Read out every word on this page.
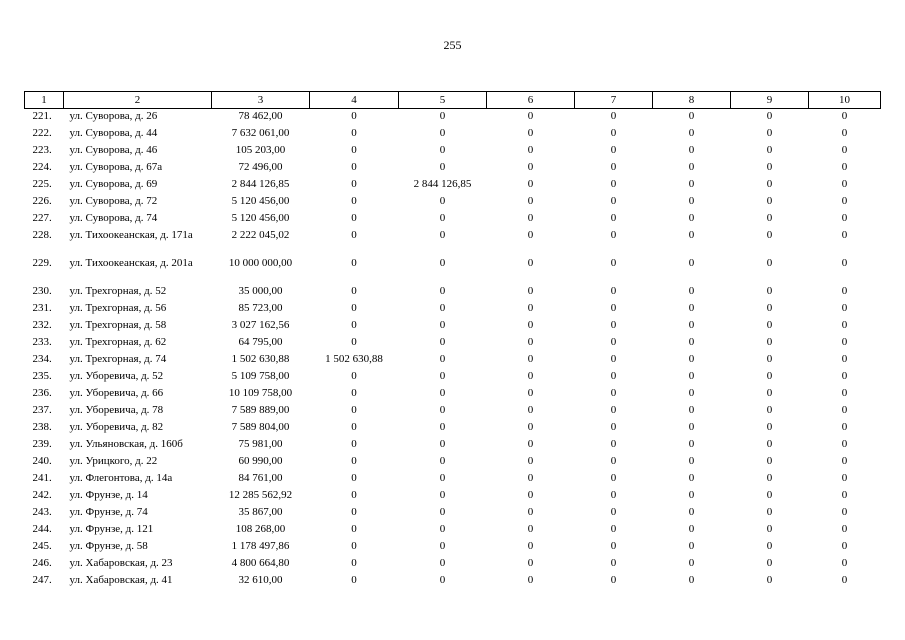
255
1	2	3	4	5	6	7	8	9	10
221.	ул. Суворова, д. 26	78 462,00	0	0	0	0	0	0	0
222.	ул. Суворова, д. 44	7 632 061,00	0	0	0	0	0	0	0
223.	ул. Суворова, д. 46	105 203,00	0	0	0	0	0	0	0
224.	ул. Суворова, д. 67а	72 496,00	0	0	0	0	0	0	0
225.	ул. Суворова, д. 69	2 844 126,85	0	2 844 126,85	0	0	0	0	0
226.	ул. Суворова, д. 72	5 120 456,00	0	0	0	0	0	0	0
227.	ул. Суворова, д. 74	5 120 456,00	0	0	0	0	0	0	0
228.	ул. Тихоокеанская, д. 171а	2 222 045,02	0	0	0	0	0	0	0
229.	ул. Тихоокеанская, д. 201а	10 000 000,00	0	0	0	0	0	0	0
230.	ул. Трехгорная, д. 52	35 000,00	0	0	0	0	0	0	0
231.	ул. Трехгорная, д. 56	85 723,00	0	0	0	0	0	0	0
232.	ул. Трехгорная, д. 58	3 027 162,56	0	0	0	0	0	0	0
233.	ул. Трехгорная, д. 62	64 795,00	0	0	0	0	0	0	0
234.	ул. Трехгорная, д. 74	1 502 630,88	1 502 630,88	0	0	0	0	0	0
235.	ул. Уборевича, д. 52	5 109 758,00	0	0	0	0	0	0	0
236.	ул. Уборевича, д. 66	10 109 758,00	0	0	0	0	0	0	0
237.	ул. Уборевича, д. 78	7 589 889,00	0	0	0	0	0	0	0
238.	ул. Уборевича, д. 82	7 589 804,00	0	0	0	0	0	0	0
239.	ул. Ульяновская, д. 160б	75 981,00	0	0	0	0	0	0	0
240.	ул. Урицкого, д. 22	60 990,00	0	0	0	0	0	0	0
241.	ул. Флегонтова, д. 14а	84 761,00	0	0	0	0	0	0	0
242.	ул. Фрунзе, д. 14	12 285 562,92	0	0	0	0	0	0	0
243.	ул. Фрунзе, д. 74	35 867,00	0	0	0	0	0	0	0
244.	ул. Фрунзе, д. 121	108 268,00	0	0	0	0	0	0	0
245.	ул. Фрунзе, д. 58	1 178 497,86	0	0	0	0	0	0	0
246.	ул. Хабаровская, д. 23	4 800 664,80	0	0	0	0	0	0	0
247.	ул. Хабаровская, д. 41	32 610,00	0	0	0	0	0	0	0
